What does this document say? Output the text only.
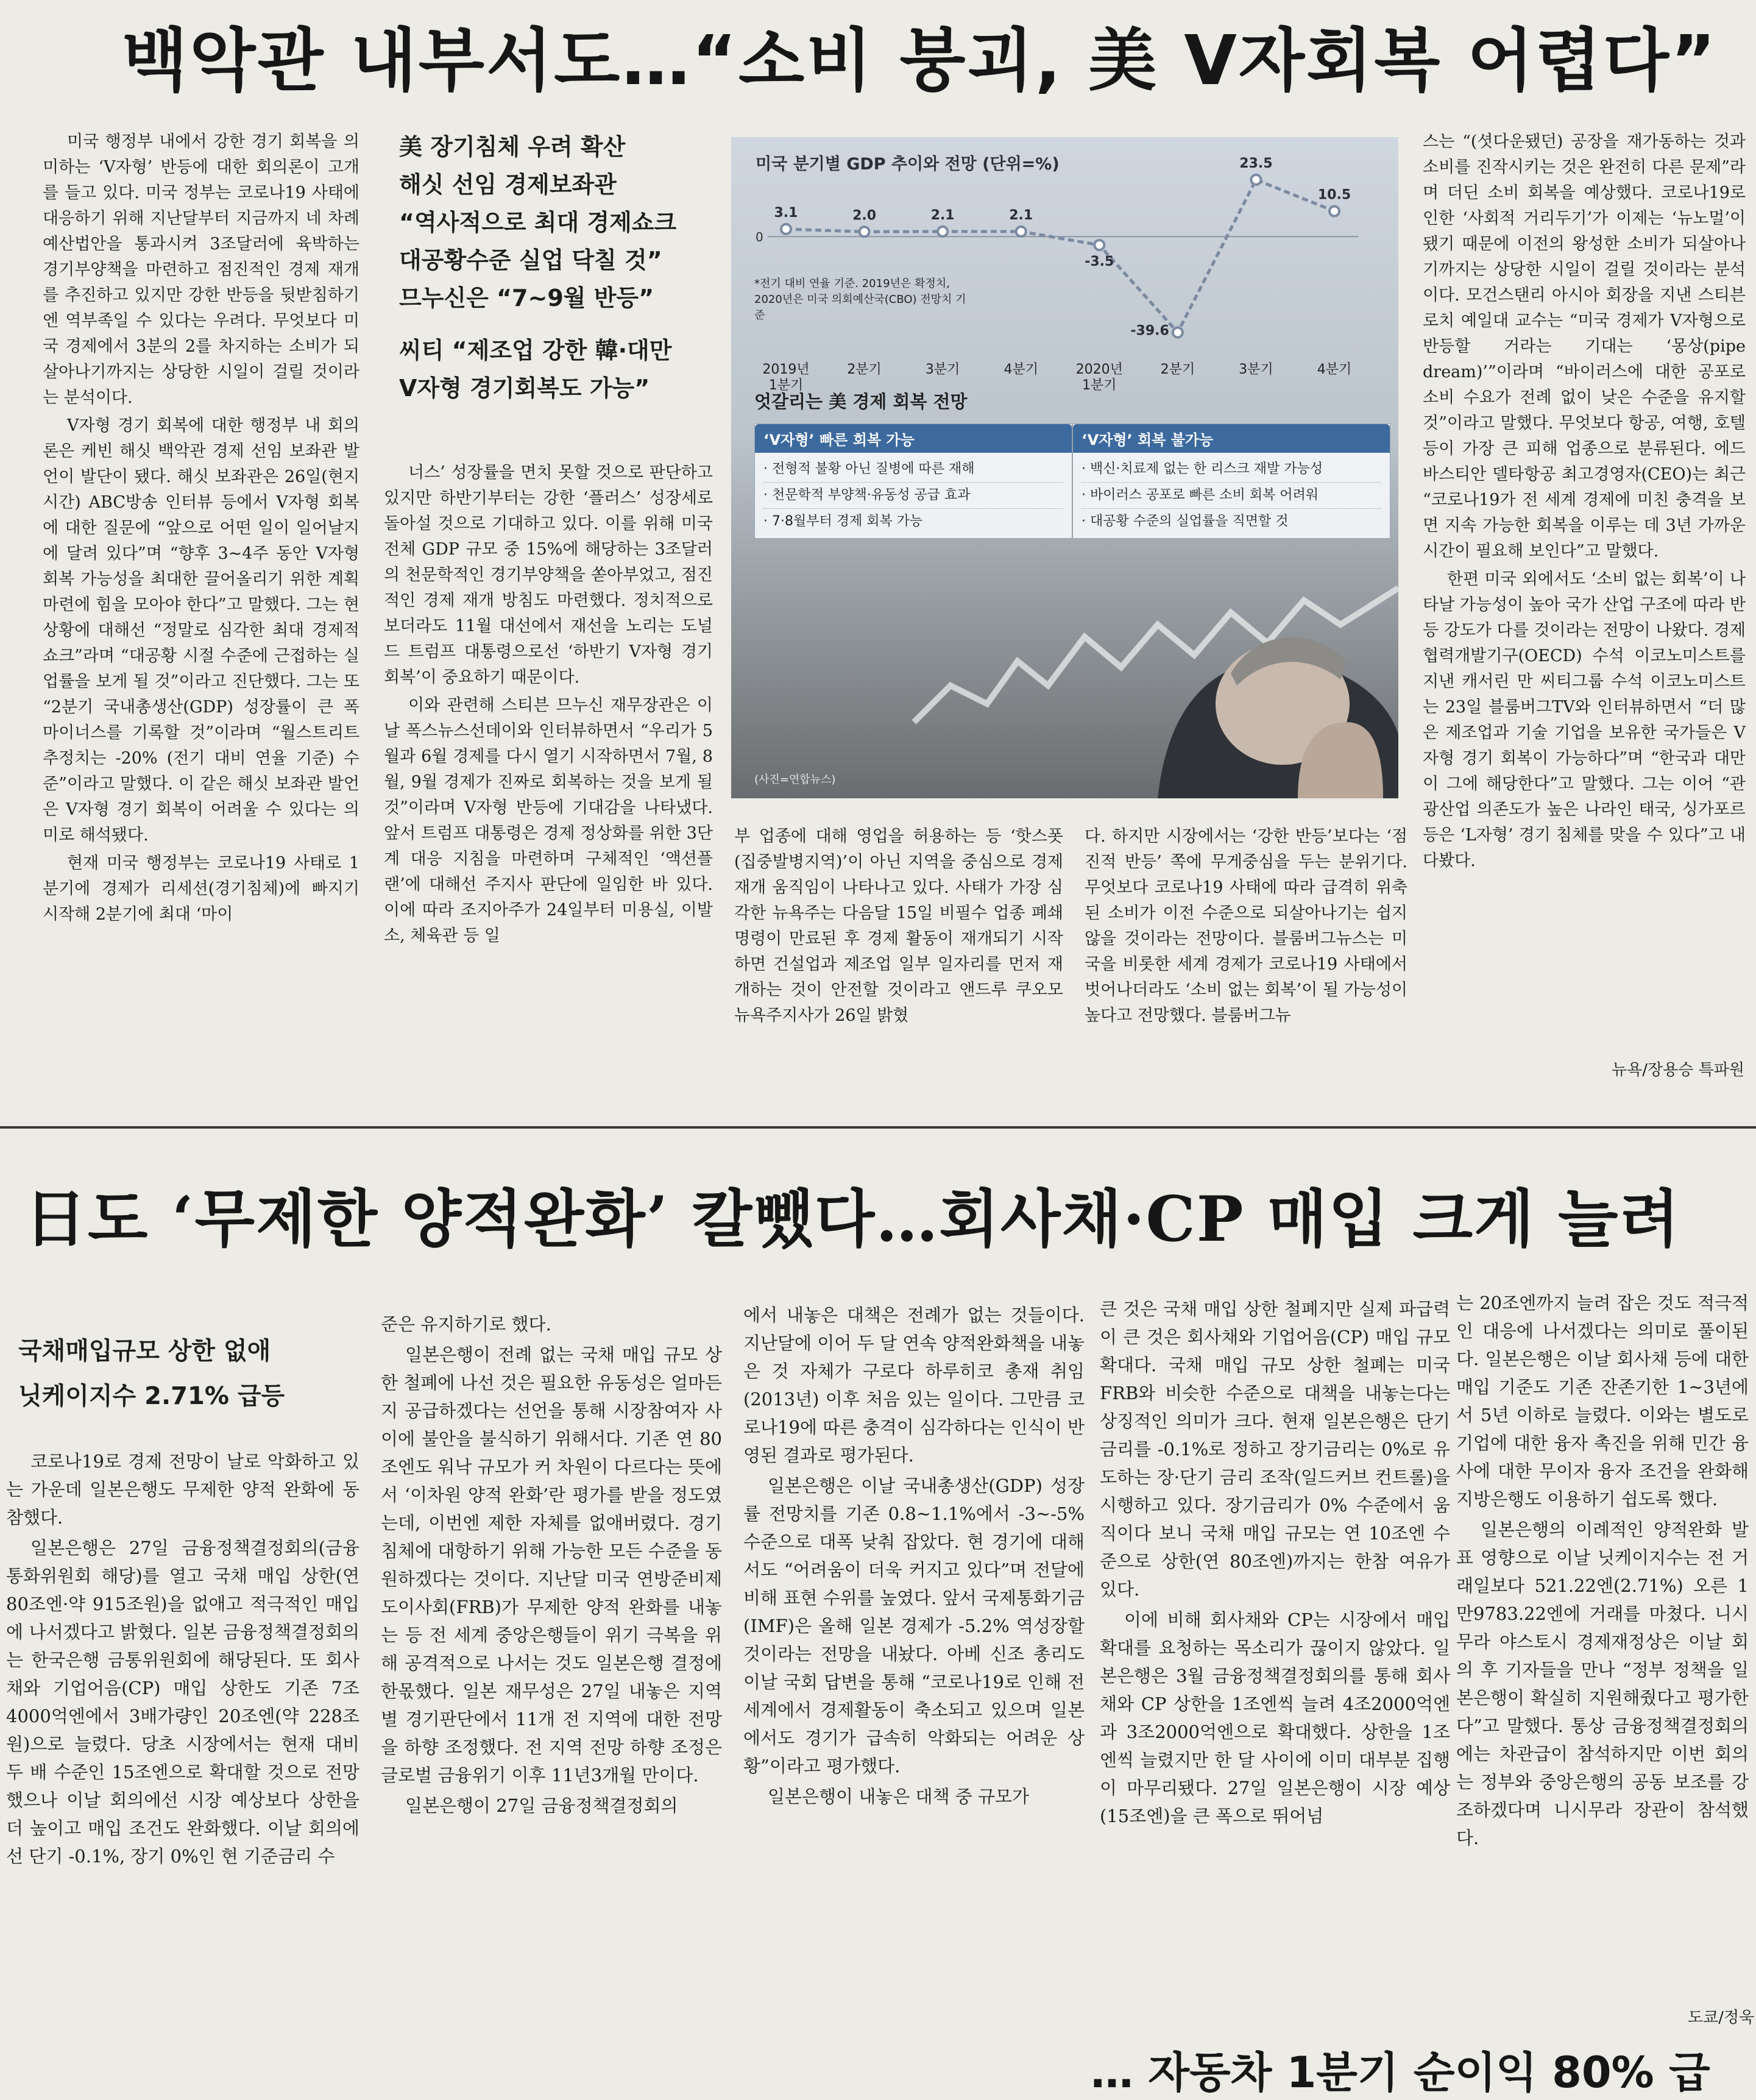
백악관 내부서도…“소비 붕괴, 美 V자회복 어렵다”

미국 행정부 내에서 강한 경기 회복을 의미하는 ‘V자형’ 반등에 대한 회의론이 고개를 들고 있다. 미국 정부는 코로나19 사태에 대응하기 위해 지난달부터 지금까지 네 차례 예산법안을 통과시켜 3조달러에 육박하는 경기부양책을 마련하고 점진적인 경제 재개를 추진하고 있지만 강한 반등을 뒷받침하기엔 역부족일 수 있다는 우려다. 무엇보다 미국 경제에서 3분의 2를 차지하는 소비가 되살아나기까지는 상당한 시일이 걸릴 것이라는 분석이다.

V자형 경기 회복에 대한 행정부 내 회의론은 케빈 해싯 백악관 경제 선임 보좌관 발언이 발단이 됐다. 해싯 보좌관은 26일(현지시간) ABC방송 인터뷰 등에서 V자형 회복에 대한 질문에 “앞으로 어떤 일이 일어날지에 달려 있다”며 “향후 3~4주 동안 V자형 회복 가능성을 최대한 끌어올리기 위한 계획 마련에 힘을 모아야 한다”고 말했다. 그는 현 상황에 대해선 “정말로 심각한 최대 경제적 쇼크”라며 “대공황 시절 수준에 근접하는 실업률을 보게 될 것”이라고 진단했다. 그는 또 “2분기 국내총생산(GDP) 성장률이 큰 폭 마이너스를 기록할 것”이라며 “월스트리트추정치는 -20% (전기 대비 연율 기준) 수준”이라고 말했다. 이 같은 해싯 보좌관 발언은 V자형 경기 회복이 어려울 수 있다는 의미로 해석됐다.

현재 미국 행정부는 코로나19 사태로 1분기에 경제가 리세션(경기침체)에 빠지기 시작해 2분기에 최대 ‘마이

美 장기침체 우려 확산

해싯 선임 경제보좌관

“역사적으로 최대 경제쇼크

대공황수준 실업 닥칠 것”

므누신은 “7~9월 반등”

씨티 “제조업 강한 韓·대만

V자형 경기회복도 가능”

너스’ 성장률을 면치 못할 것으로 판단하고 있지만 하반기부터는 강한 ‘플러스’ 성장세로 돌아설 것으로 기대하고 있다. 이를 위해 미국 전체 GDP 규모 중 15%에 해당하는 3조달러의 천문학적인 경기부양책을 쏟아부었고, 점진적인 경제 재개 방침도 마련했다. 정치적으로 보더라도 11월 대선에서 재선을 노리는 도널드 트럼프 대통령으로선 ‘하반기 V자형 경기 회복’이 중요하기 때문이다.

이와 관련해 스티븐 므누신 재무장관은 이날 폭스뉴스선데이와 인터뷰하면서 “우리가 5월과 6월 경제를 다시 열기 시작하면서 7월, 8월, 9월 경제가 진짜로 회복하는 것을 보게 될 것”이라며 V자형 반등에 기대감을 나타냈다. 앞서 트럼프 대통령은 경제 정상화를 위한 3단계 대응 지침을 마련하며 구체적인 ‘액션플랜’에 대해선 주지사 판단에 일임한 바 있다. 이에 따라 조지아주가 24일부터 미용실, 이발소, 체육관 등 일

0
3.1
2019년
1분기
2.0
2분기
2.1
3분기
2.1
4분기
-3.5
2020년
1분기
-39.6
2분기
23.5
3분기
10.5
4분기
미국 분기별 GDP 추이와 전망 (단위=%)
*전기 대비 연율 기준. 2019년은 확정치, 2020년은 미국 의회예산국(CBO) 전망치 기준
엇갈리는 美 경제 회복 전망
‘V자형’ 빠른 회복 가능
· 전형적 불황 아닌 질병에 따른 재해
· 천문학적 부양책·유동성 공급 효과
· 7·8월부터 경제 회복 가능
‘V자형’ 회복 불가능
· 백신·치료제 없는 한 리스크 재발 가능성
· 바이러스 공포로 빠른 소비 회복 어려워
· 대공황 수준의 실업률을 직면할 것
(사진=연합뉴스)

부 업종에 대해 영업을 허용하는 등 ‘핫스폿(집중발병지역)’이 아닌 지역을 중심으로 경제 재개 움직임이 나타나고 있다. 사태가 가장 심각한 뉴욕주는 다음달 15일 비필수 업종 폐쇄 명령이 만료된 후 경제 활동이 재개되기 시작하면 건설업과 제조업 일부 일자리를 먼저 재개하는 것이 안전할 것이라고 앤드루 쿠오모 뉴욕주지사가 26일 밝혔

다. 하지만 시장에서는 ‘강한 반등’보다는 ‘점진적 반등’ 쪽에 무게중심을 두는 분위기다. 무엇보다 코로나19 사태에 따라 급격히 위축된 소비가 이전 수준으로 되살아나기는 쉽지 않을 것이라는 전망이다. 블룸버그뉴스는 미국을 비롯한 세계 경제가 코로나19 사태에서 벗어나더라도 ‘소비 없는 회복’이 될 가능성이 높다고 전망했다. 블룸버그뉴

스는 “(셧다운됐던) 공장을 재가동하는 것과 소비를 진작시키는 것은 완전히 다른 문제”라며 더딘 소비 회복을 예상했다. 코로나19로 인한 ‘사회적 거리두기’가 이제는 ‘뉴노멀’이 됐기 때문에 이전의 왕성한 소비가 되살아나기까지는 상당한 시일이 걸릴 것이라는 분석이다. 모건스탠리 아시아 회장을 지낸 스티븐 로치 예일대 교수는 “미국 경제가 V자형으로 반등할 거라는 기대는 ‘몽상(pipe dream)’”이라며 “바이러스에 대한 공포로 소비 수요가 전례 없이 낮은 수준을 유지할 것”이라고 말했다. 무엇보다 항공, 여행, 호텔 등이 가장 큰 피해 업종으로 분류된다. 에드 바스티안 델타항공 최고경영자(CEO)는 최근 “코로나19가 전 세계 경제에 미친 충격을 보면 지속 가능한 회복을 이루는 데 3년 가까운 시간이 필요해 보인다”고 말했다.

한편 미국 외에서도 ‘소비 없는 회복’이 나타날 가능성이 높아 국가 산업 구조에 따라 반등 강도가 다를 것이라는 전망이 나왔다. 경제협력개발기구(OECD) 수석 이코노미스트를 지낸 캐서린 만 씨티그룹 수석 이코노미스트는 23일 블룸버그TV와 인터뷰하면서 “더 많은 제조업과 기술 기업을 보유한 국가들은 V자형 경기 회복이 가능하다”며 “한국과 대만이 그에 해당한다”고 말했다. 그는 이어 “관광산업 의존도가 높은 나라인 태국, 싱가포르 등은 ‘L자형’ 경기 침체를 맞을 수 있다”고 내다봤다.

뉴욕/장용승 특파원
日도 ‘무제한 양적완화’ 칼뺐다…회사채·CP 매입 크게 늘려

국채매입규모 상한 없애

닛케이지수 2.71% 급등

코로나19로 경제 전망이 날로 악화하고 있는 가운데 일본은행도 무제한 양적 완화에 동참했다.

일본은행은 27일 금융정책결정회의(금융통화위원회 해당)를 열고 국채 매입 상한(연 80조엔·약 915조원)을 없애고 적극적인 매입에 나서겠다고 밝혔다. 일본 금융정책결정회의는 한국은행 금통위원회에 해당된다. 또 회사채와 기업어음(CP) 매입 상한도 기존 7조4000억엔에서 3배가량인 20조엔(약 228조원)으로 늘렸다. 당초 시장에서는 현재 대비 두 배 수준인 15조엔으로 확대할 것으로 전망했으나 이날 회의에선 시장 예상보다 상한을 더 높이고 매입 조건도 완화했다. 이날 회의에선 단기 -0.1%, 장기 0%인 현 기준금리 수

준은 유지하기로 했다.

일본은행이 전례 없는 국채 매입 규모 상한 철폐에 나선 것은 필요한 유동성은 얼마든지 공급하겠다는 선언을 통해 시장참여자 사이에 불안을 불식하기 위해서다. 기존 연 80조엔도 워낙 규모가 커 차원이 다르다는 뜻에서 ‘이차원 양적 완화’란 평가를 받을 정도였는데, 이번엔 제한 자체를 없애버렸다. 경기 침체에 대항하기 위해 가능한 모든 수준을 동원하겠다는 것이다. 지난달 미국 연방준비제도이사회(FRB)가 무제한 양적 완화를 내놓는 등 전 세계 중앙은행들이 위기 극복을 위해 공격적으로 나서는 것도 일본은행 결정에 한몫했다. 일본 재무성은 27일 내놓은 지역별 경기판단에서 11개 전 지역에 대한 전망을 하향 조정했다. 전 지역 전망 하향 조정은 글로벌 금융위기 이후 11년3개월 만이다.

일본은행이 27일 금융정책결정회의

에서 내놓은 대책은 전례가 없는 것들이다. 지난달에 이어 두 달 연속 양적완화책을 내놓은 것 자체가 구로다 하루히코 총재 취임(2013년) 이후 처음 있는 일이다. 그만큼 코로나19에 따른 충격이 심각하다는 인식이 반영된 결과로 평가된다.

일본은행은 이날 국내총생산(GDP) 성장률 전망치를 기존 0.8~1.1%에서 -3~-5% 수준으로 대폭 낮춰 잡았다. 현 경기에 대해서도 “어려움이 더욱 커지고 있다”며 전달에 비해 표현 수위를 높였다. 앞서 국제통화기금(IMF)은 올해 일본 경제가 -5.2% 역성장할 것이라는 전망을 내놨다. 아베 신조 총리도 이날 국회 답변을 통해 “코로나19로 인해 전 세계에서 경제활동이 축소되고 있으며 일본에서도 경기가 급속히 악화되는 어려운 상황”이라고 평가했다.

일본은행이 내놓은 대책 중 규모가

큰 것은 국채 매입 상한 철폐지만 실제 파급력이 큰 것은 회사채와 기업어음(CP) 매입 규모 확대다. 국채 매입 규모 상한 철폐는 미국 FRB와 비슷한 수준으로 대책을 내놓는다는 상징적인 의미가 크다. 현재 일본은행은 단기금리를 -0.1%로 정하고 장기금리는 0%로 유도하는 장·단기 금리 조작(일드커브 컨트롤)을 시행하고 있다. 장기금리가 0% 수준에서 움직이다 보니 국채 매입 규모는 연 10조엔 수준으로 상한(연 80조엔)까지는 한참 여유가 있다.

이에 비해 회사채와 CP는 시장에서 매입 확대를 요청하는 목소리가 끊이지 않았다. 일본은행은 3월 금융정책결정회의를 통해 회사채와 CP 상한을 1조엔씩 늘려 4조2000억엔과 3조2000억엔으로 확대했다. 상한을 1조엔씩 늘렸지만 한 달 사이에 이미 대부분 집행이 마무리됐다. 27일 일본은행이 시장 예상(15조엔)을 큰 폭으로 뛰어넘

는 20조엔까지 늘려 잡은 것도 적극적인 대응에 나서겠다는 의미로 풀이된다. 일본은행은 이날 회사채 등에 대한 매입 기준도 기존 잔존기한 1~3년에서 5년 이하로 늘렸다. 이와는 별도로 기업에 대한 융자 촉진을 위해 민간 융사에 대한 무이자 융자 조건을 완화해 지방은행도 이용하기 쉽도록 했다.

일본은행의 이례적인 양적완화 발표 영향으로 이날 닛케이지수는 전 거래일보다 521.22엔(2.71%) 오른 1만9783.22엔에 거래를 마쳤다. 니시무라 야스토시 경제재정상은 이날 회의 후 기자들을 만나 “정부 정책을 일본은행이 확실히 지원해줬다고 평가한다”고 말했다. 통상 금융정책결정회의에는 차관급이 참석하지만 이번 회의는 정부와 중앙은행의 공동 보조를 강조하겠다며 니시무라 장관이 참석했다.

도쿄/정욱
… 자동차 1분기 순이익 80% 급
